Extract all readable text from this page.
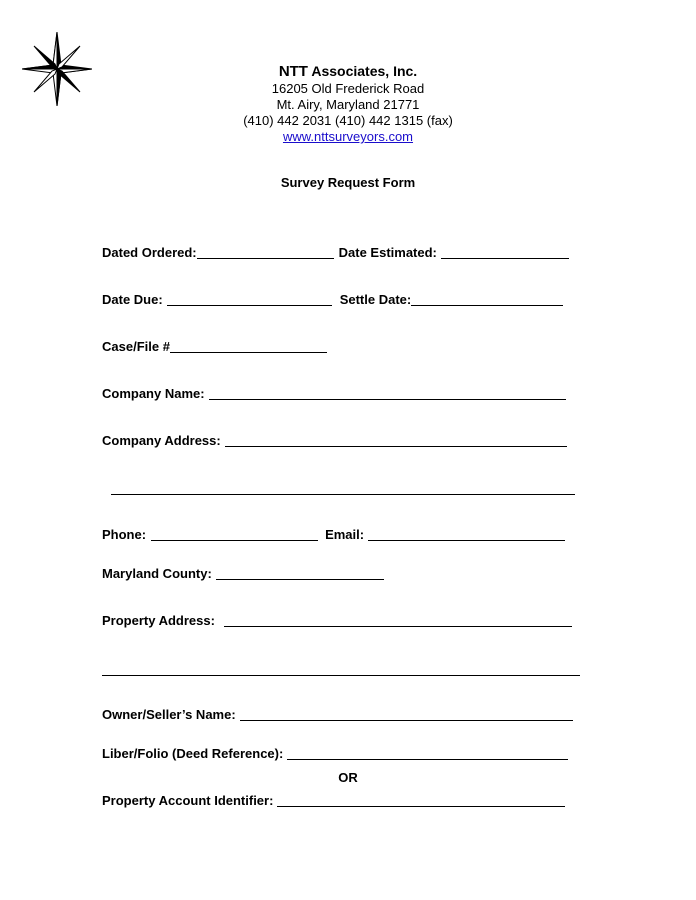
NTT Associates, Inc.
16205 Old Frederick Road
Mt. Airy, Maryland 21771
(410) 442 2031 (410) 442 1315 (fax)
www.nttsurveyors.com
Survey Request Form
Dated Ordered:	Date Estimated:
Date Due:	Settle Date:
Case/File #
Company Name:
Company Address:
Phone:	Email:
Maryland County:
Property Address:
Owner/Seller’s Name:
Liber/Folio (Deed Reference):
OR
Property Account Identifier:
